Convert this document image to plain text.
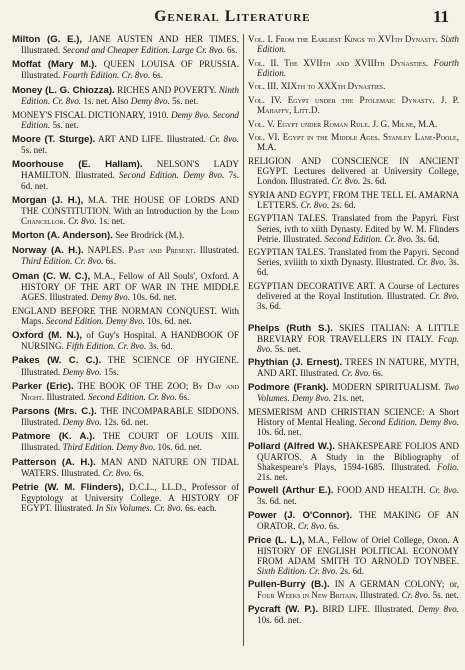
General Literature	11

Milton (G. E.), JANE AUSTEN AND HER TIMES. Illustrated. Second and Cheaper Edition. Large Cr. 8vo. 6s.

Moffat (Mary M.). QUEEN LOUISA OF PRUSSIA. Illustrated. Fourth Edition. Cr. 8vo. 6s.

Money (L. G. Chiozza). RICHES AND POVERTY. Ninth Edition. Cr. 8vo. 1s. net. Also Demy 8vo. 5s. net.

MONEY'S FISCAL DICTIONARY, 1910. Demy 8vo. Second Edition. 5s. net.

Moore (T. Sturge). ART AND LIFE. Illustrated. Cr. 8vo. 5s. net.

Moorhouse (E. Hallam). NELSON'S LADY HAMILTON. Illustrated. Second Edition. Demy 8vo. 7s. 6d. net.

Morgan (J. H.), M.A. THE HOUSE OF LORDS AND THE CONSTITUTION. With an Introduction by the Lord Chancellor. Cr. 8vo. 1s. net.

Morton (A. Anderson). See Brodrick (M.).

Norway (A. H.). NAPLES. Past and Present. Illustrated. Third Edition. Cr. 8vo. 6s.

Oman (C. W. C.), M.A., Fellow of All Souls', Oxford. A HISTORY OF THE ART OF WAR IN THE MIDDLE AGES. Illustrated. Demy 8vo. 10s. 6d. net.

ENGLAND BEFORE THE NORMAN CONQUEST. With Maps. Second Edition. Demy 8vo. 10s. 6d. net.

Oxford (M. N.), of Guy's Hospital. A HANDBOOK OF NURSING. Fifth Edition. Cr. 8vo. 3s. 6d.

Pakes (W. C. C.). THE SCIENCE OF HYGIENE. Illustrated. Demy 8vo. 15s.

Parker (Eric). THE BOOK OF THE ZOO; By Day and Night. Illustrated. Second Edition. Cr. 8vo. 6s.

Parsons (Mrs. C.). THE INCOMPARABLE SIDDONS. Illustrated. Demy 8vo. 12s. 6d. net.

Patmore (K. A.). THE COURT OF LOUIS XIII. Illustrated. Third Edition. Demy 8vo. 10s. 6d. net.

Patterson (A. H.). MAN AND NATURE ON TIDAL WATERS. Illustrated. Cr. 8vo. 6s.

Petrie (W. M. Flinders), D.C.L., LL.D., Professor of Egyptology at University College. A HISTORY OF EGYPT. Illustrated. In Six Volumes. Cr. 8vo. 6s. each.

Vol. I. From the Earliest Kings to XVIth Dynasty. Sixth Edition.

Vol. II. The XVIIth and XVIIIth Dynasties. Fourth Edition.

Vol. III. XIXth to XXXth Dynasties.

Vol. IV. Egypt under the Ptolemaic Dynasty. J. P. Mahaffy, Litt.D.

Vol. V. Egypt under Roman Rule. J. G. Milne, M.A.

Vol. VI. Egypt in the Middle Ages. Stanley Lane-Poole, M.A.

RELIGION AND CONSCIENCE IN ANCIENT EGYPT. Lectures delivered at University College, London. Illustrated. Cr. 8vo. 2s. 6d.

SYRIA AND EGYPT, FROM THE TELL EL AMARNA LETTERS. Cr. 8vo. 2s. 6d.

EGYPTIAN TALES. Translated from the Papyri. First Series, ivth to xiith Dynasty. Edited by W. M. Flinders Petrie. Illustrated. Second Edition. Cr. 8vo. 3s. 6d.

EGYPTIAN TALES. Translated from the Papyri. Second Series, xviiith to xixth Dynasty. Illustrated. Cr. 8vo. 3s. 6d.

EGYPTIAN DECORATIVE ART. A Course of Lectures delivered at the Royal Institution. Illustrated. Cr. 8vo. 3s. 6d.

Phelps (Ruth S.). SKIES ITALIAN: A LITTLE BREVIARY FOR TRAVELLERS IN ITALY. Fcap. 8vo. 5s. net.

Phythian (J. Ernest). TREES IN NATURE, MYTH, AND ART. Illustrated. Cr. 8vo. 6s.

Podmore (Frank). MODERN SPIRITUALISM. Two Volumes. Demy 8vo. 21s. net.

MESMERISM AND CHRISTIAN SCIENCE: A Short History of Mental Healing. Second Edition. Demy 8vo. 10s. 6d. net.

Pollard (Alfred W.). SHAKESPEARE FOLIOS AND QUARTOS. A Study in the Bibliography of Shakespeare's Plays, 1594-1685. Illustrated. Folio. 21s. net.

Powell (Arthur E.). FOOD AND HEALTH. Cr. 8vo. 3s. 6d. net.

Power (J. O'Connor). THE MAKING OF AN ORATOR. Cr. 8vo. 6s.

Price (L. L.), M.A., Fellow of Oriel College, Oxon. A HISTORY OF ENGLISH POLITICAL ECONOMY FROM ADAM SMITH TO ARNOLD TOYNBEE. Sixth Edition. Cr. 8vo. 2s. 6d.

Pullen-Burry (B.). IN A GERMAN COLONY; or, Four Weeks in New Britain. Illustrated. Cr. 8vo. 5s. net.

Pycraft (W. P.). BIRD LIFE. Illustrated. Demy 8vo. 10s. 6d. net.
